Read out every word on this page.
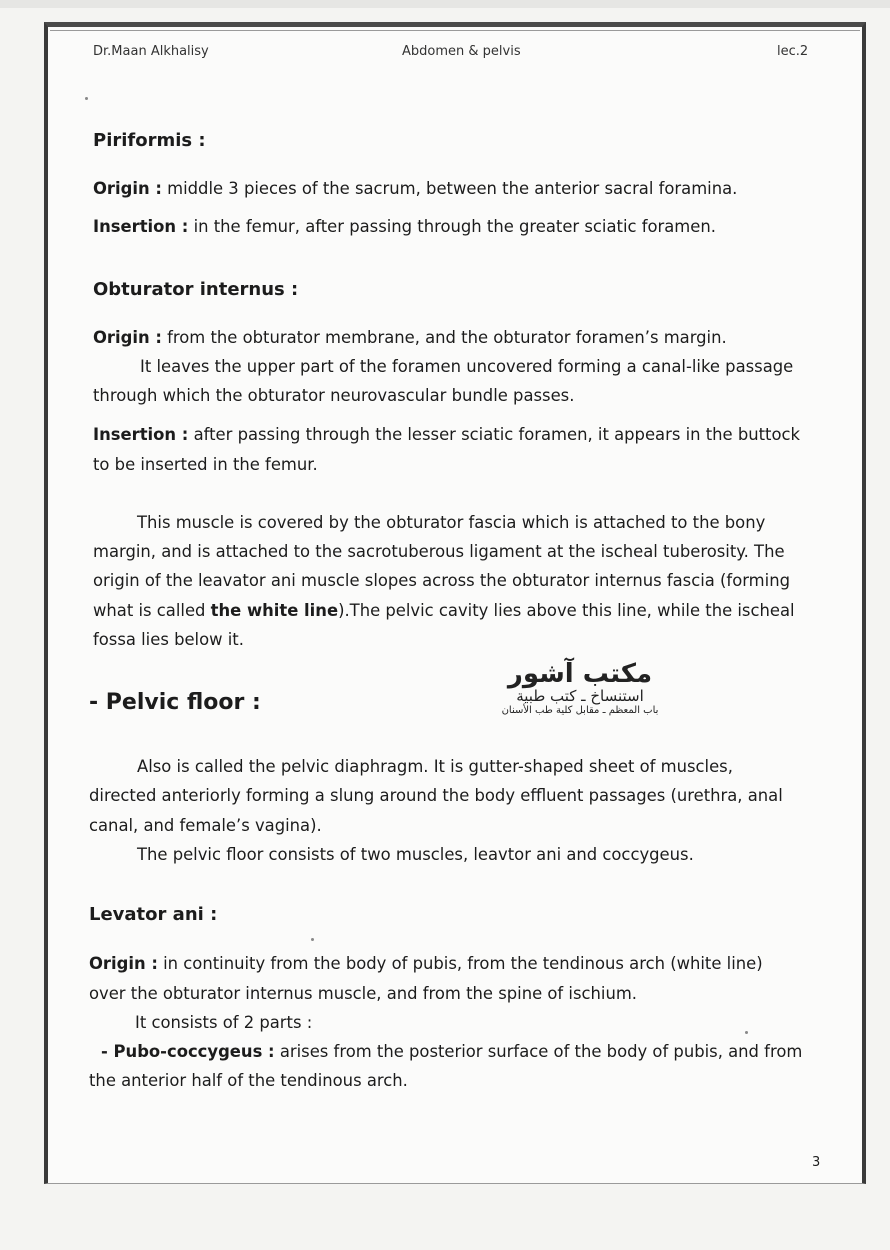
Dr.Maan Alkhalisy	Abdomen & pelvis	lec.2
Piriformis :
Origin : middle 3 pieces of the sacrum, between the anterior sacral foramina.
Insertion : in the femur, after passing through the greater sciatic foramen.
Obturator internus :
Origin : from the obturator membrane, and the obturator foramen’s margin.
It leaves the upper part of the foramen uncovered forming a canal-like passage
through which the obturator neurovascular bundle passes.
Insertion : after passing through the lesser sciatic foramen, it appears in the buttock
to be inserted in the femur.
This muscle is covered by the obturator fascia which is attached to the bony
margin, and is attached to the sacrotuberous ligament at the ischeal tuberosity. The
origin of the leavator ani muscle slopes across the obturator internus fascia (forming
what is called the white line).The pelvic cavity lies above this line, while the ischeal
fossa lies below it.
- Pelvic floor :
مكتب آشور
استنساخ ـ كتب طبية
باب المعظم ـ مقابل كلية طب الأسنان
Also is called the pelvic diaphragm. It is gutter-shaped sheet of muscles,
directed anteriorly forming a slung around the body effluent passages (urethra, anal
canal, and female’s vagina).
The pelvic floor consists of two muscles, leavtor ani and coccygeus.
Levator ani :
Origin : in continuity from the body of pubis, from the tendinous arch (white line)
over the obturator internus muscle, and from the spine of ischium.
It consists of 2 parts :
- Pubo-coccygeus : arises from the posterior surface of the body of pubis, and from
the anterior half of the tendinous arch.
3
